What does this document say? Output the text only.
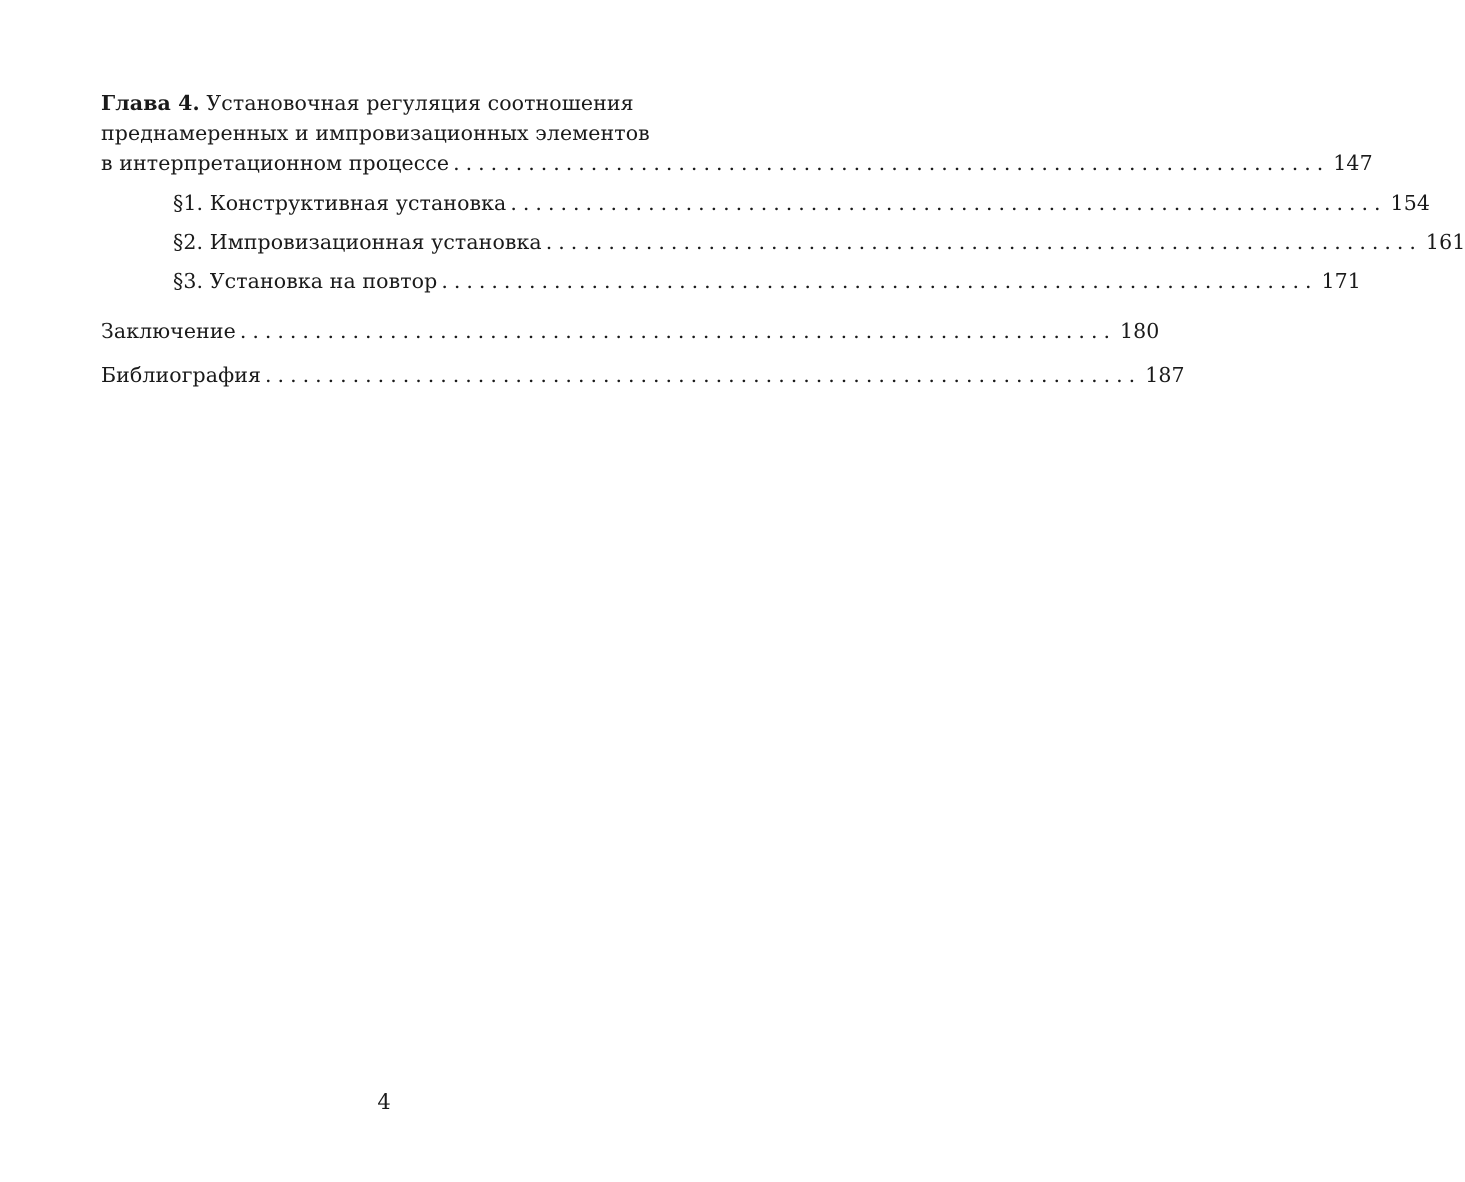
Глава 4. Установочная регуляция соотношения
преднамеренных и импровизационных элементов
в интерпретационном процессе ...................................................................... 147
§1. Конструктивная установка ...................................................................... 154
§2. Импровизационная установка ...................................................................... 161
§3. Установка на повтор ...................................................................... 171
Заключение ...................................................................... 180
Библиография ...................................................................... 187
4
